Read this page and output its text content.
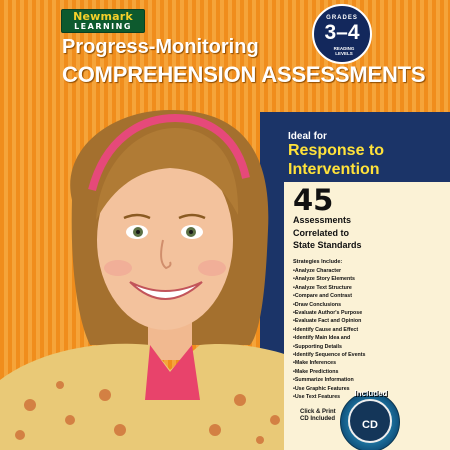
Newmark
LEARNING
GRADES
3–4
READING LEVELS
Progress-Monitoring
COMPREHENSION ASSESSMENTS
Ideal for
Response to
Intervention
45
Assessments
Correlated to
State Standards
Strategies Include:
• Analyze Character
• Analyze Story Elements
• Analyze Text Structure
• Compare and Contrast
• Draw Conclusions
• Evaluate Author's Purpose
• Evaluate Fact and Opinion
• Identify Cause and Effect
• Identify Main Idea and
• Supporting Details
• Identify Sequence of Events
• Make Inferences
• Make Predictions
• Summarize Information
• Use Graphic Features
• Use Text Features
Click & Print
CD Included
Included
CD
